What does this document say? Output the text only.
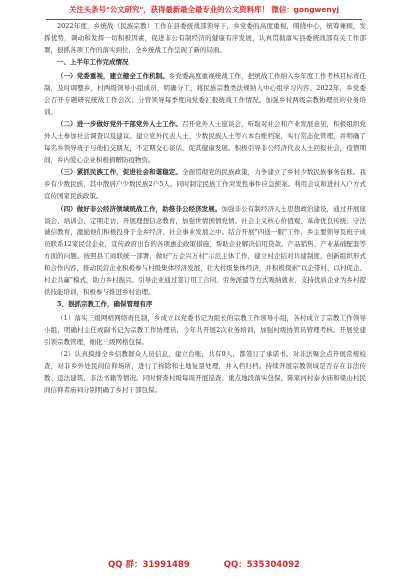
关注头条号"公文研究"，获得最新最全最专业的公文资料库！ 微信：gongwenyj

2022年度，乡统战（民族宗教）工作在县委统战部领导下，乡党委的高度重视，围绕中心，统筹兼顾，发挥优势，调动和发挥一切积极因素，促进非公有制经济的健康有序发展，认真贯彻落实县委统战部有关工作部署，很抓各项工作的落实到位，全乡统战工作呈现了新的局面。

一、上半年工作完成情况

（一）党委重视，建立健全工作机制。乡党委高度重视统战工作，把统战工作纳入乡年度工作考核目标责任制，及时调整乡、村两级领导小组成员，明确分工，将民族宗教类法规纳入中心组学习内容。2022年，乡党委会召开专题研究统战工作会次；分管领导每季度向党委汇报统战工作情况。加强乡村两级宗教协理员的业务培训。

（二）进一步做好党外干部党外人士工作。召开党外人士座谈会，听取对社会和产业发展意见，积极组织党外人士参加社会调查以及建议。建立党外代表人士、少数民族人士等六本台账档案，实行常态化管理，并明确了每名乡领导班子与他们交朋友，不定期交心谈话，促其健康发展。积极引导非公经济代表人士回报社会，疫情期间，乡内爱心企业积极捐赠防疫物资。

（三）紧抓民族工作，促进社会和谐稳定。全面贯彻党的民族政策，力争建立了乡村少数民族事务台账。我乡有少数民族，其中散居户少数民族2户5人。同时制定民族工作突发性事件应急预案。利用会议和进村入户方式宣传国家民族政策。

（四）做好非公经济领域统战工作，助推非公经济发展。加强非公有制经济人士思想政治建设，通过开展座谈会、培训会、定期走访，开展理想信念教育，加强世情国情党情、社会主义核心价值观、革命优良传统、守法诚信教育，激励他们积极投身于全乡经济、社会事业发展之中。结合开展"四送一服"工作，乡主要领导及班子成员联系12家民营企业，宣传政府出台的各项惠企政策措施，帮助企业解决信用贷款、产品销售、产业基础配套等方面的问题。按照县工商联统一部署，做好"万企兴万村"示范主体工作，建立村企结对共建制度，创新组织形式和合作内容，推动民营企业积极参与村级集体经济发展，壮大村级集体经济，并积极探索"以企带村、以村促企、村企共赢"模式，助力乡村振兴。引导企业通过签订用工合同、劳务派遣等方式吸纳就业，支持优质企业为乡村提供技能培训，积极参与推进乡村治理。

5、狠抓宗教工作，确保管理有序

（1）落实三级网格网络责任制，乡成立以党委书记为组长的宗教工作领导小组，各村成立了宗教工作领导小组，明确村主任或副书记为宗教工作协理员，今年共开展2次业务培训，加强村级协管员管理考核。开展党建引领宗教管理，细化三级网格包保。

（2）认真摸排全乡信教群众人员信息，建立台账，共有9人，都签订了承诺书。对非法聚会点开展常规检查，对非乡外处民间信仰场所，进行了拆除和土地复垦处理，并入档归档。持续开展宗教领域是否存在非法传教、违法建筑、非法书籍等情况。同时督查村级每周开展巡查、重点地段落实包保，陈家河村泰水庙和梁山村民间信仰者庙祠分别明确了乡村干部包保。

QQ 群：31991489	QQ：535304092
